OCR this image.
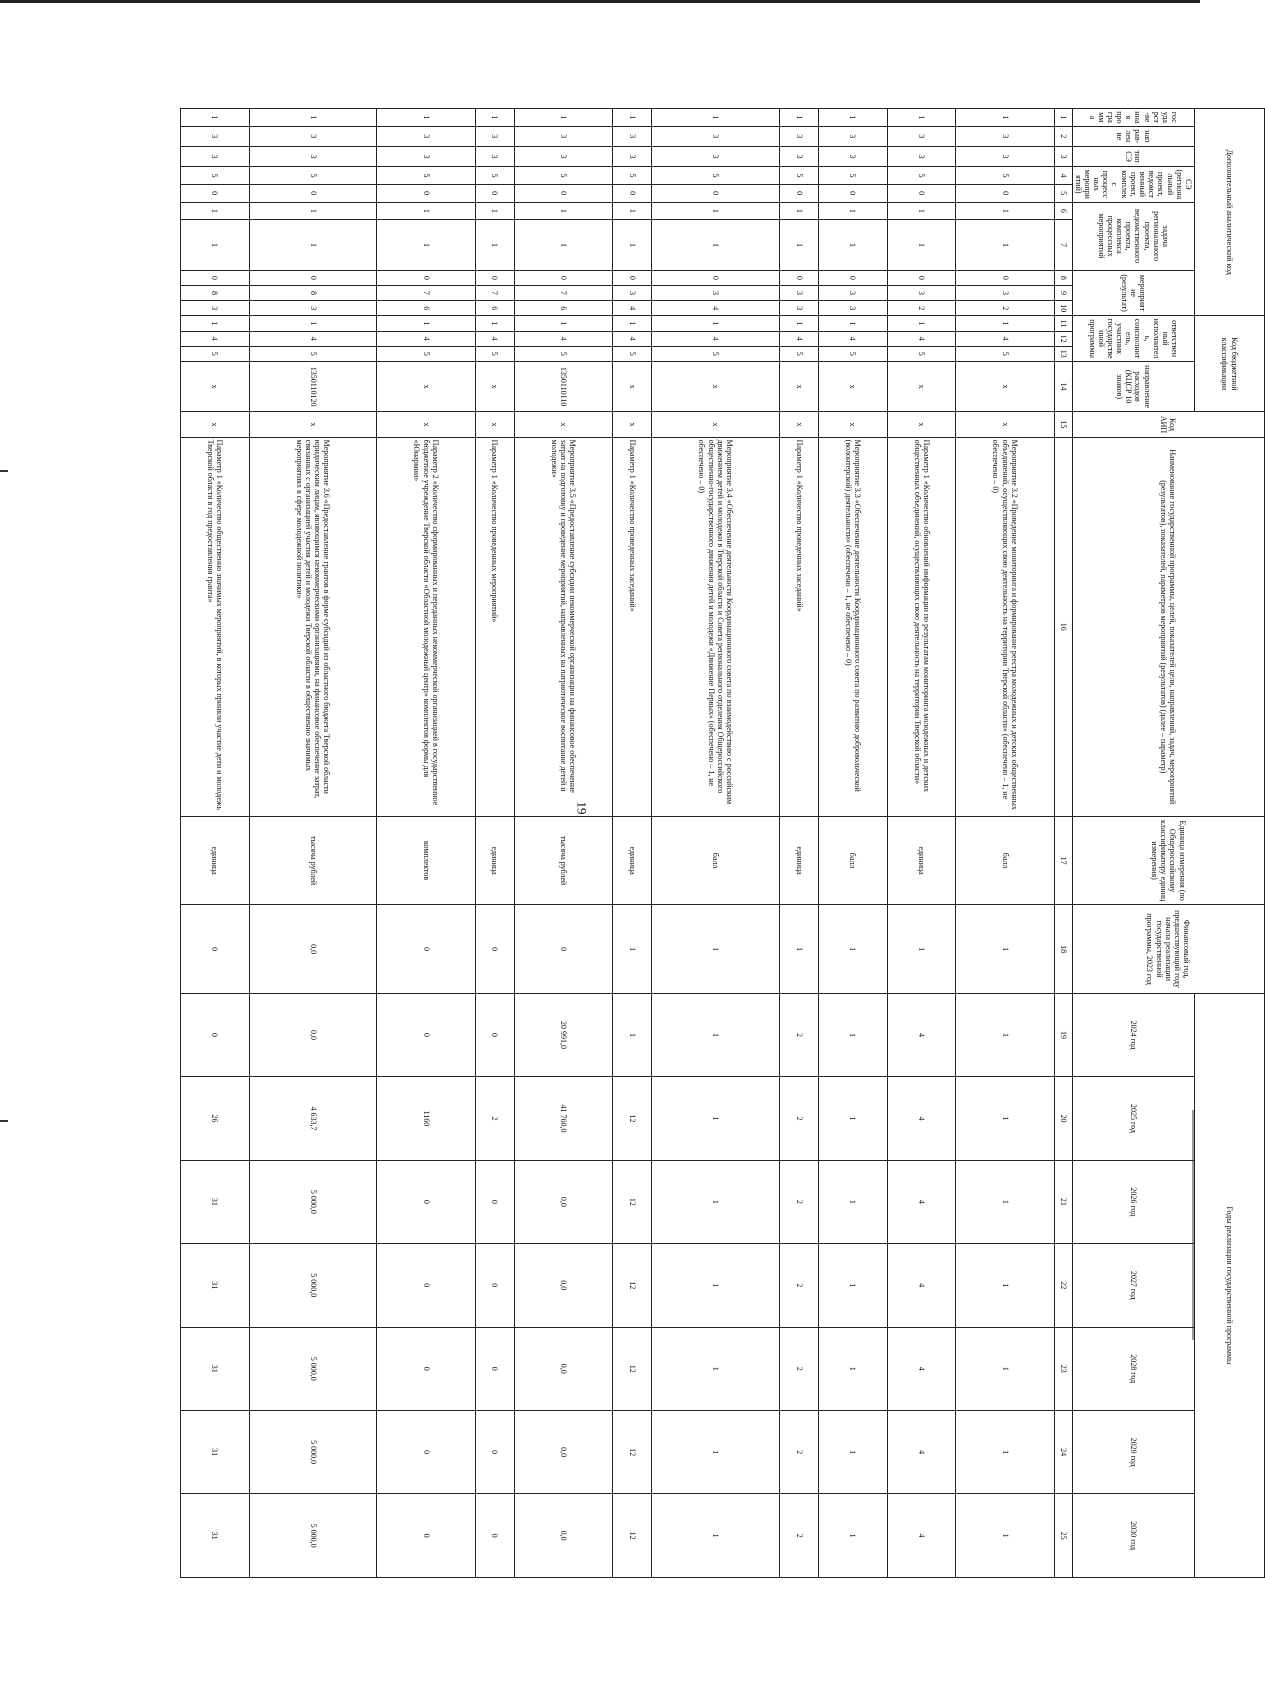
19
Дополнительный аналитический код										Код бюджетной классификации				Код АИП	Наименование государственной программы, целей, показателей цели, направлений, задач, мероприятий (результатов), показателей, параметров мероприятий (результатов) (далее – параметр)	Единица измерения (по Общероссийскому классификатору единиц измерения)	Финансовый год, предшествующий году начала реализации государственной программы, 2023 год	Годы реализации государственной программы						
государст-венная программа	направ-ление	тип СЭ	СЭ (региональный проект, ведомственный проект, комплекс процессных мероприятий)		задача регионального проекта, ведомственного проекта, комплекса процессных мероприятий		мероприятие (результат)			ответственный исполнитель, соисполнитель, участник государственной программы			направление расходов (КЦСР 10 знаков)					2024 год	2025 год	2026 год	2027 год	2028 год	2029 год	2030 год
1	2	3	4	5	6	7	8	9	10	11	12	13	14	15	16	17	18	19	20	21	22	23	24	25
1	3	3	5	0	1	1	0	3	2	1	4	5	x	x	Мероприятие 3.2 «Проведение мониторинга и формирование реестра молодежных и детских общественных объединений, осуществляющих свою деятельность на территории Тверской области» (обеспечено – 1, не обеспечено – 0)	балл	1	1	1	1	1	1	1	1
1	3	3	5	0	1	1	0	3	2	1	4	5	x	x	Параметр 1 «Количество обновлений информации по результатам мониторинга молодежных и детских общественных объединений, осуществляющих свою деятельность на территории Тверской области»	единица	1	4	4	4	4	4	4	4
1	3	3	5	0	1	1	0	3	3	1	4	5	x	x	Мероприятие 3.3 «Обеспечение деятельности Координационного совета по развитию добровольческой (волонтерской) деятельности» (обеспечено – 1, не обеспечено – 0)	балл	1	1	1	1	1	1	1	1
1	3	3	5	0	1	1	0	3	3	1	4	5	x	x	Параметр 1 «Количество проведенных заседаний»	единица	1	2	2	2	2	2	2	2
1	3	3	5	0	1	1	0	3	4	1	4	5	x	x	Мероприятие 3.4 «Обеспечение деятельности Координационного совета по взаимодействию с российским движением детей и молодежи в Тверской области и Совета регионального отделения Общероссийского общественно-государственного движения детей и молодежи «Движение Первых» (обеспечено – 1, не обеспечено – 0)	балл	1	1	1	1	1	1	1	1
1	3	3	5	0	1	1	0	3	4	1	4	5	x	x	Параметр 1 «Количество проведенных заседаний»	единица	1	1	12	12	12	12	12	12
1	3	3	5	0	1	1	0	7	6	1	4	5	1350110110	x	Мероприятие 3.5 «Предоставление субсидии некоммерческой организации на финансовое обеспечение затрат на подготовку и проведение мероприятий, направленных на патриотическое воспитание детей и молодежи»	тысяча рублей	0	20 991,0	41 760,0	0,0	0,0	0,0	0,0	0,0
1	3	3	5	0	1	1	0	7	6	1	4	5	x	x	Параметр 1 «Количество проведенных мероприятий»	единица	0	0	2	0	0	0	0	0
1	3	3	5	0	1	1	0	7	6	1	4	5	x	x	Параметр 2 «Количество сформированных и переданных некоммерческой организацией в государственное бюджетное учреждение Тверской области «Областной молодежный центр» комплектов формы для «Юнармии»	комплектов	0	0	1160	0	0	0	0	0
1	3	3	5	0	1	1	0	8	3	1	4	5	1350110120	x	Мероприятие 3.6 «Предоставление грантов в форме субсидий из областного бюджета Тверской области юридическим лицам, являющимся некоммерческими организациями, на финансовое обеспечение затрат, связанных с организацией участия детей и молодежи Тверской области в общественно значимых мероприятиях в сфере молодежной политики»	тысяча рублей	0,0	0,0	4 633,7	5 000,0	5 000,0	5 000,0	5 000,0	5 000,0
1	3	3	5	0	1	1	0	8	3	1	4	5	x	x	Параметр 1 «Количество общественно значимых мероприятий, в которых приняли участие дети и молодежь Тверской области в год предоставления гранта»	единица	0	0	26	31	31	31	31	31
